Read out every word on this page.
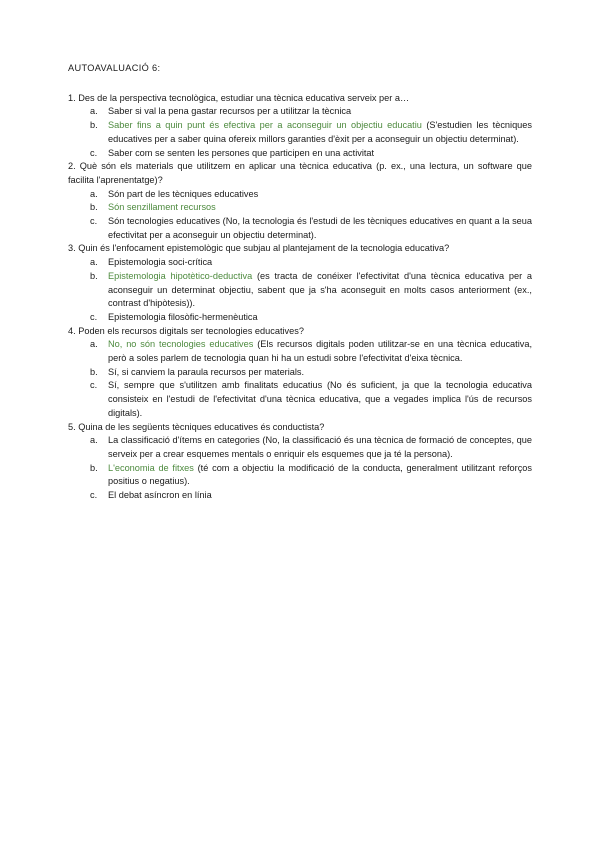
AUTOAVALUACIÓ 6:

1. Des de la perspectiva tecnològica, estudiar una tècnica educativa serveix per a…

a. Saber si val la pena gastar recursos per a utilitzar la tècnica
b. Saber fins a quin punt és efectiva per a aconseguir un objectiu educatiu (S'estudien les tècniques educatives per a saber quina ofereix millors garanties d'èxit per a aconseguir un objectiu determinat).
c. Saber com se senten les persones que participen en una activitat

2. Què són els materials que utilitzem en aplicar una tècnica educativa (p. ex., una lectura, un software que facilita l'aprenentatge)?

a. Són part de les tècniques educatives
b. Són senzillament recursos
c. Són tecnologies educatives (No, la tecnologia és l'estudi de les tècniques educatives en quant a la seua efectivitat per a aconseguir un objectiu determinat).

3. Quin és l'enfocament epistemològic que subjau al plantejament de la tecnologia educativa?

a. Epistemologia soci-crítica
b. Epistemologia hipotètico-deductiva (es tracta de conéixer l'efectivitat d'una tècnica educativa per a aconseguir un determinat objectiu, sabent que ja s'ha aconseguit en molts casos anteriorment (ex., contrast d'hipòtesis)).
c. Epistemologia filosòfic-hermenèutica

4. Poden els recursos digitals ser tecnologies educatives?

a. No, no són tecnologies educatives (Els recursos digitals poden utilitzar-se en una tècnica educativa, però a soles parlem de tecnologia quan hi ha un estudi sobre l'efectivitat d'eixa tècnica.
b. Sí, si canviem la paraula recursos per materials.
c. Sí, sempre que s'utilitzen amb finalitats educatius (No és suficient, ja que la tecnologia educativa consisteix en l'estudi de l'efectivitat d'una tècnica educativa, que a vegades implica l'ús de recursos digitals).

5. Quina de les següents tècniques educatives és conductista?

a. La classificació d'ítems en categories (No, la classificació és una tècnica de formació de conceptes, que serveix per a crear esquemes mentals o enriquir els esquemes que ja té la persona).
b. L'economia de fitxes (té com a objectiu la modificació de la conducta, generalment utilitzant reforços positius o negatius).
c. El debat asíncron en línia
